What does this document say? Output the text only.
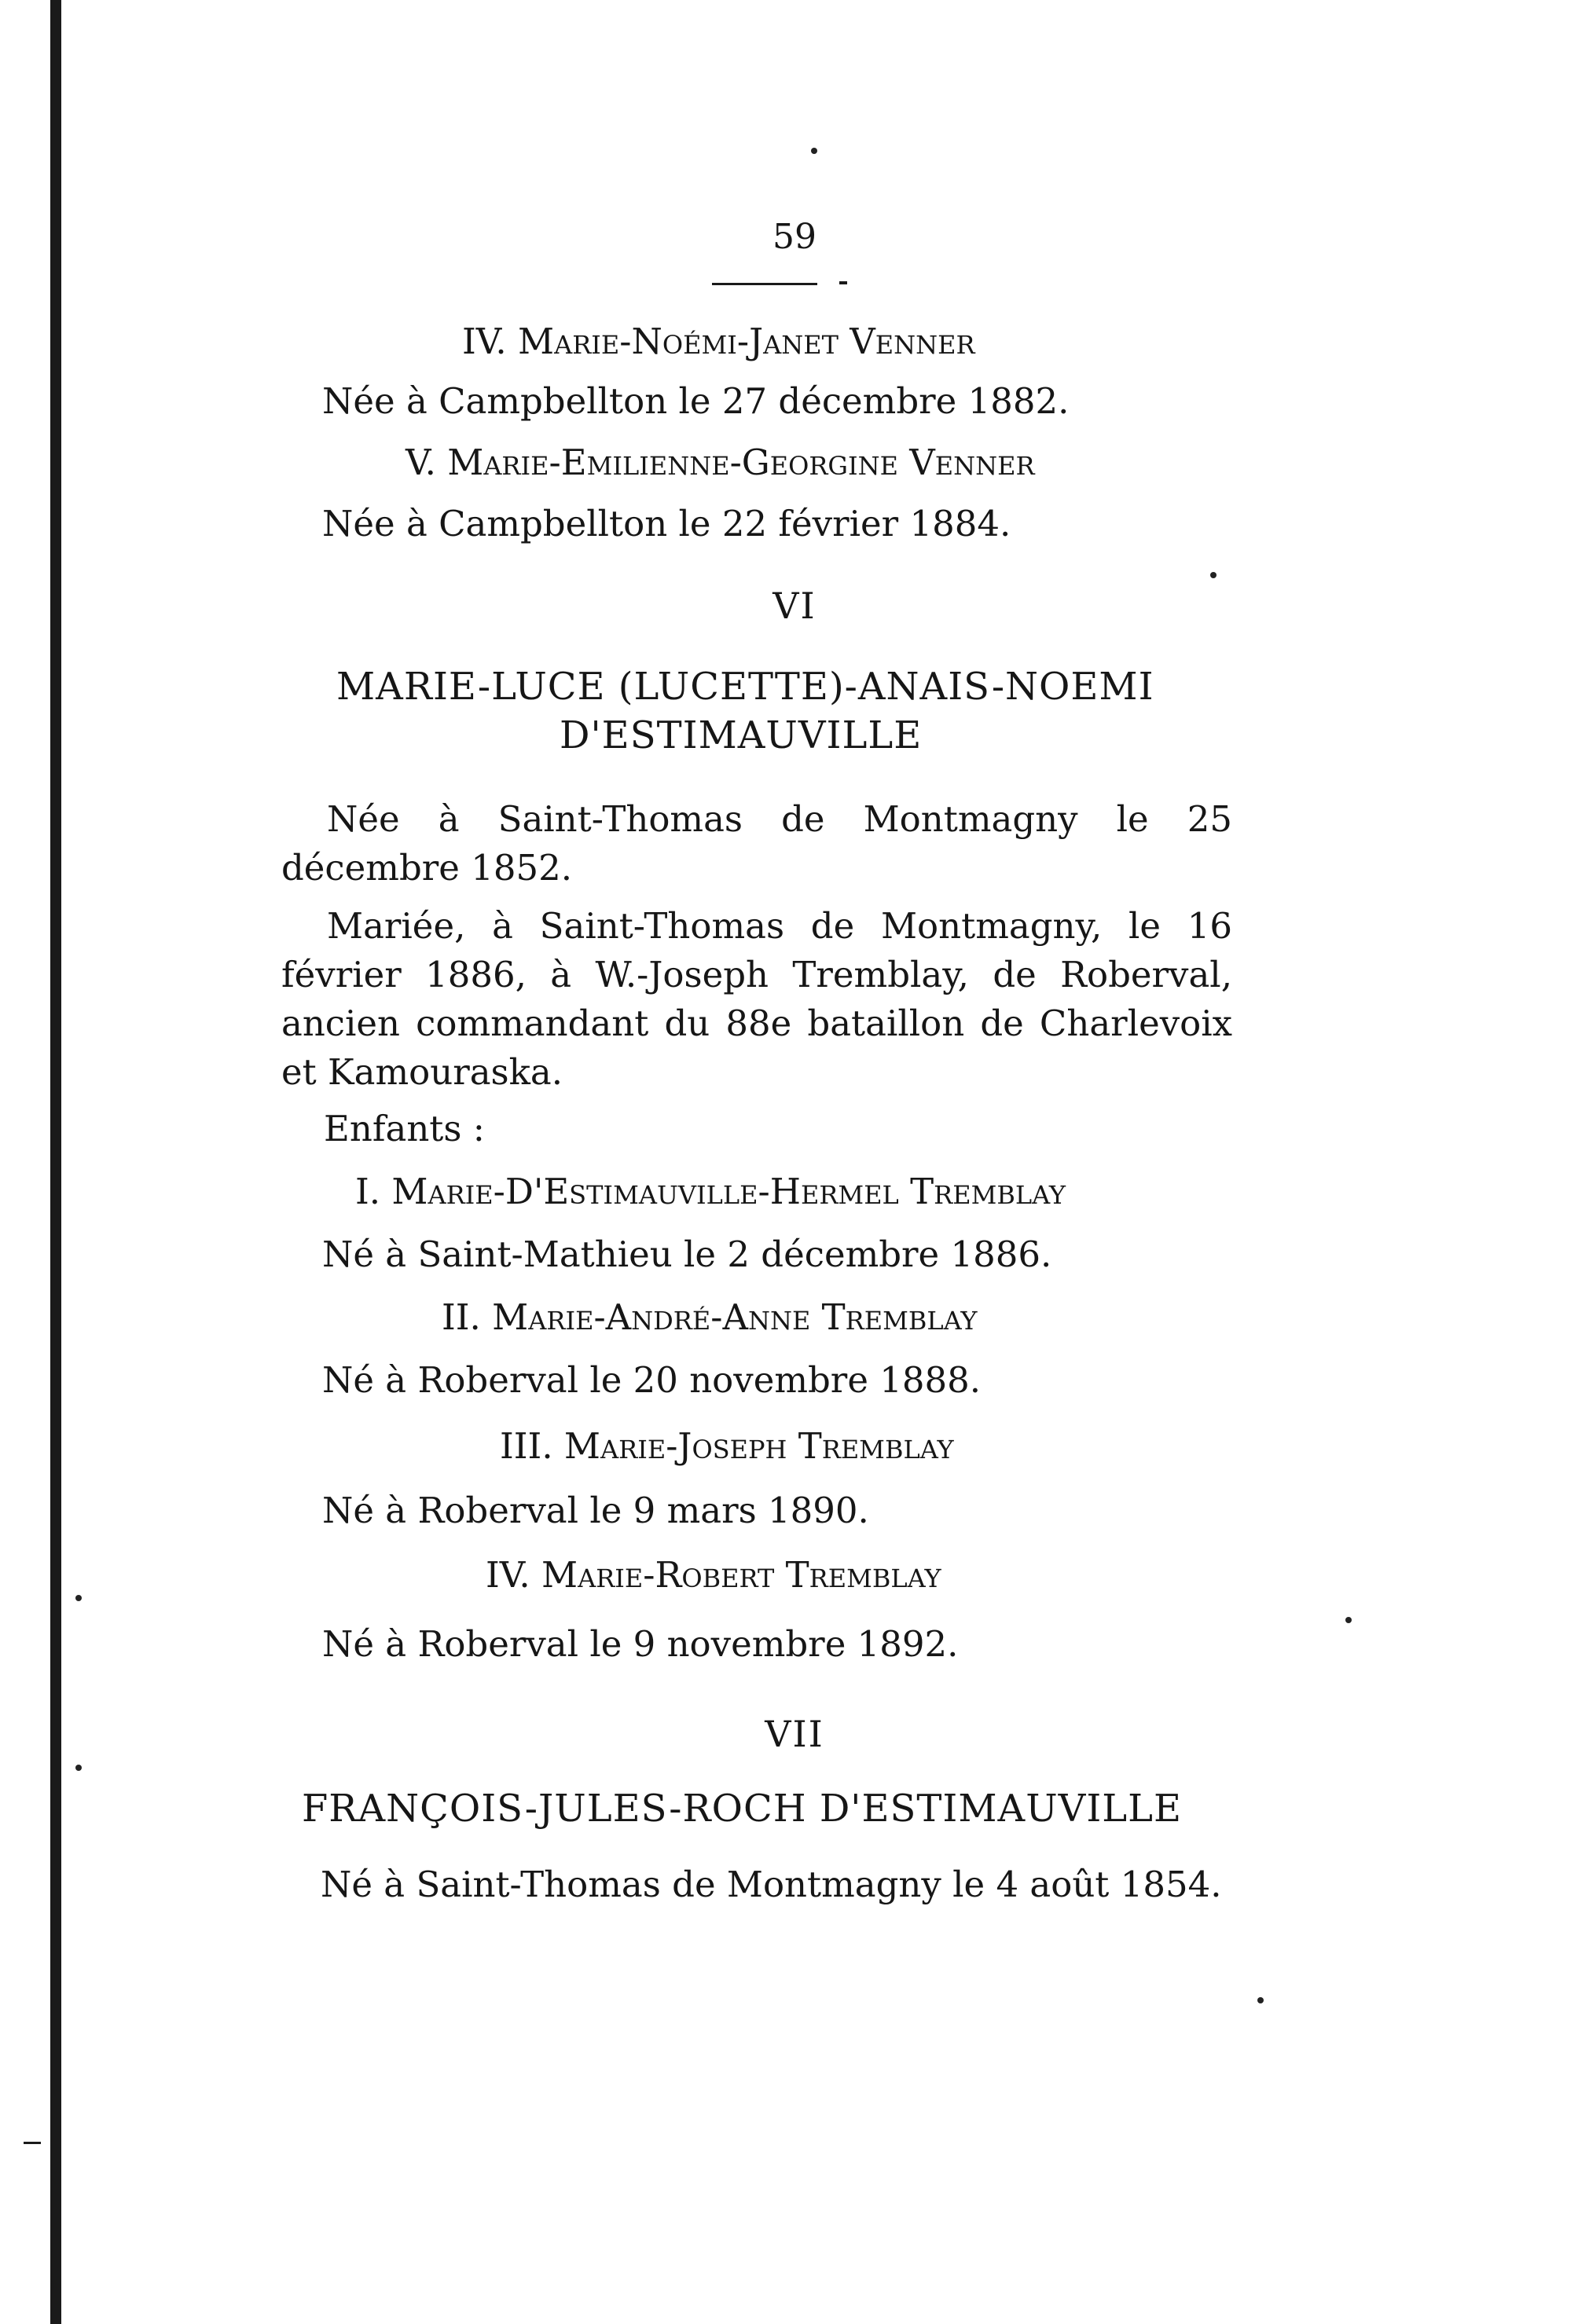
59
IV. Marie-Noémi-Janet Venner
Née à Campbellton le 27 décembre 1882.
V. Marie-Emilienne-Georgine Venner
Née à Campbellton le 22 février 1884.
VI
MARIE-LUCE (LUCETTE)-ANAIS-NOEMI
D'ESTIMAUVILLE
Née à Saint-Thomas de Montmagny le 25 décembre 1852.
Mariée, à Saint-Thomas de Montmagny, le 16 février 1886, à W.-Joseph Tremblay, de Roberval, ancien commandant du 88e bataillon de Charlevoix et Kamouraska.
Enfants :
I. Marie-D'Estimauville-Hermel Tremblay
Né à Saint-Mathieu le 2 décembre 1886.
II. Marie-André-Anne Tremblay
Né à Roberval le 20 novembre 1888.
III. Marie-Joseph Tremblay
Né à Roberval le 9 mars 1890.
IV. Marie-Robert Tremblay
Né à Roberval le 9 novembre 1892.
VII
FRANÇOIS-JULES-ROCH D'ESTIMAUVILLE
Né à Saint-Thomas de Montmagny le 4 août 1854.
